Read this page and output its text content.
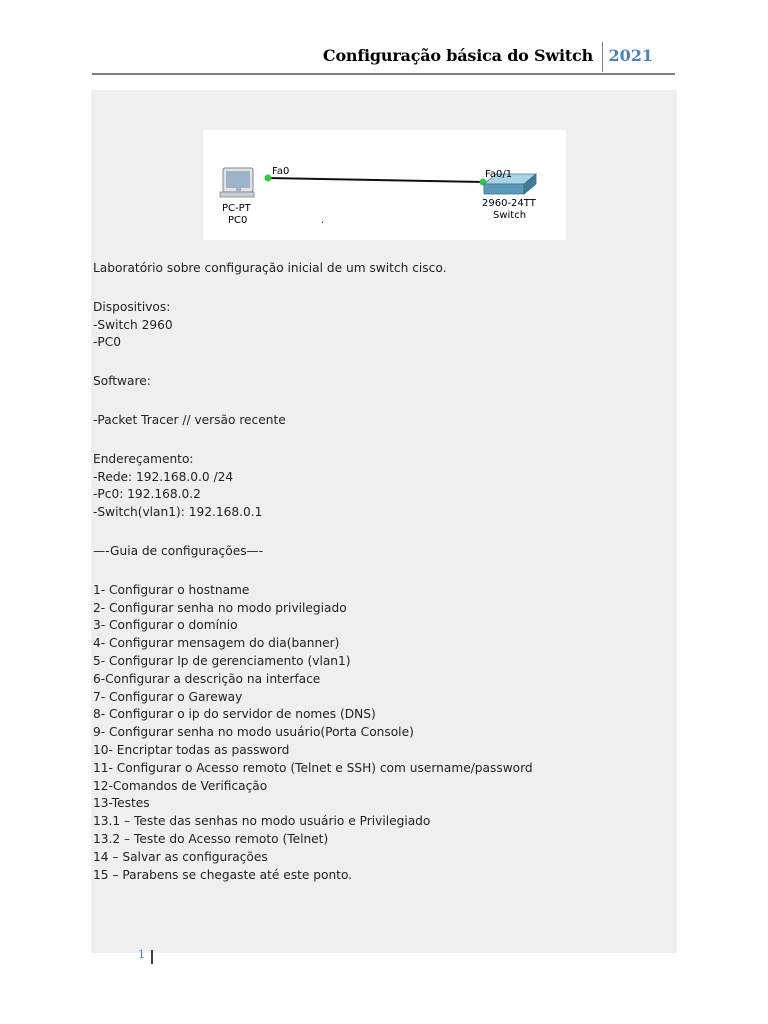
Configuração básica do Switch 2021
Fa0	Fa0/1
PC-PT
PC0
2960-24TT
Switch
.
Laboratório sobre configuração inicial de um switch cisco.
Dispositivos:
-Switch 2960
-PC0
Software:
-Packet Tracer // versão recente
Endereçamento:
-Rede: 192.168.0.0 /24
-Pc0: 192.168.0.2
-Switch(vlan1): 192.168.0.1
—-Guia de configurações—-
1- Configurar o hostname
2- Configurar senha no modo privilegiado
3- Configurar o domínio
4- Configurar mensagem do dia(banner)
5- Configurar Ip de gerenciamento (vlan1)
6-Configurar a descrição na interface
7- Configurar o Gareway
8- Configurar o ip do servidor de nomes (DNS)
9- Configurar senha no modo usuário(Porta Console)
10- Encriptar todas as password
11- Configurar o Acesso remoto (Telnet e SSH) com username/password
12-Comandos de Verificação
13-Testes
13.1 – Teste das senhas no modo usuário e Privilegiado
13.2 – Teste do Acesso remoto (Telnet)
14 – Salvar as configurações
15 – Parabens se chegaste até este ponto.
1
